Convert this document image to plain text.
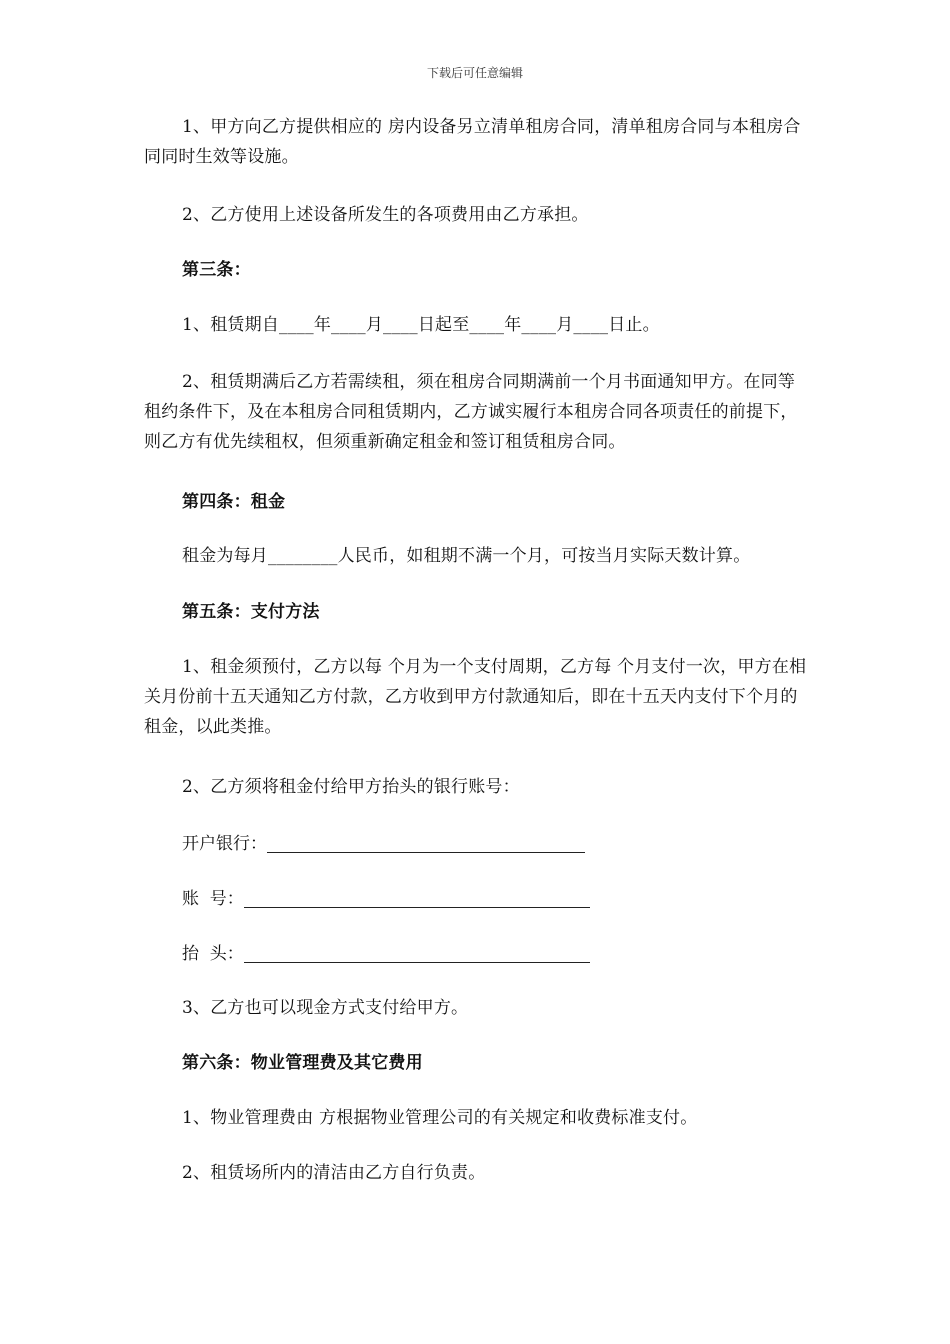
下载后可任意编辑

1、甲方向乙方提供相应的 房内设备另立清单租房合同，清单租房合同与本租房合同同时生效等设施。

2、乙方使用上述设备所发生的各项费用由乙方承担。

第三条：

1、租赁期自____年____月____日起至____年____月____日止。

2、租赁期满后乙方若需续租，须在租房合同期满前一个月书面通知甲方。在同等租约条件下，及在本租房合同租赁期内，乙方诚实履行本租房合同各项责任的前提下，则乙方有优先续租权，但须重新确定租金和签订租赁租房合同。

第四条：租金

租金为每月________人民币，如租期不满一个月，可按当月实际天数计算。

第五条：支付方法

1、租金须预付，乙方以每 个月为一个支付周期，乙方每 个月支付一次，甲方在相关月份前十五天通知乙方付款，乙方收到甲方付款通知后，即在十五天内支付下个月的租金，以此类推。

2、乙方须将租金付给甲方抬头的银行账号：

开户银行：
账  号：
抬  头：

3、乙方也可以现金方式支付给甲方。

第六条：物业管理费及其它费用

1、物业管理费由 方根据物业管理公司的有关规定和收费标准支付。

2、租赁场所内的清洁由乙方自行负责。
